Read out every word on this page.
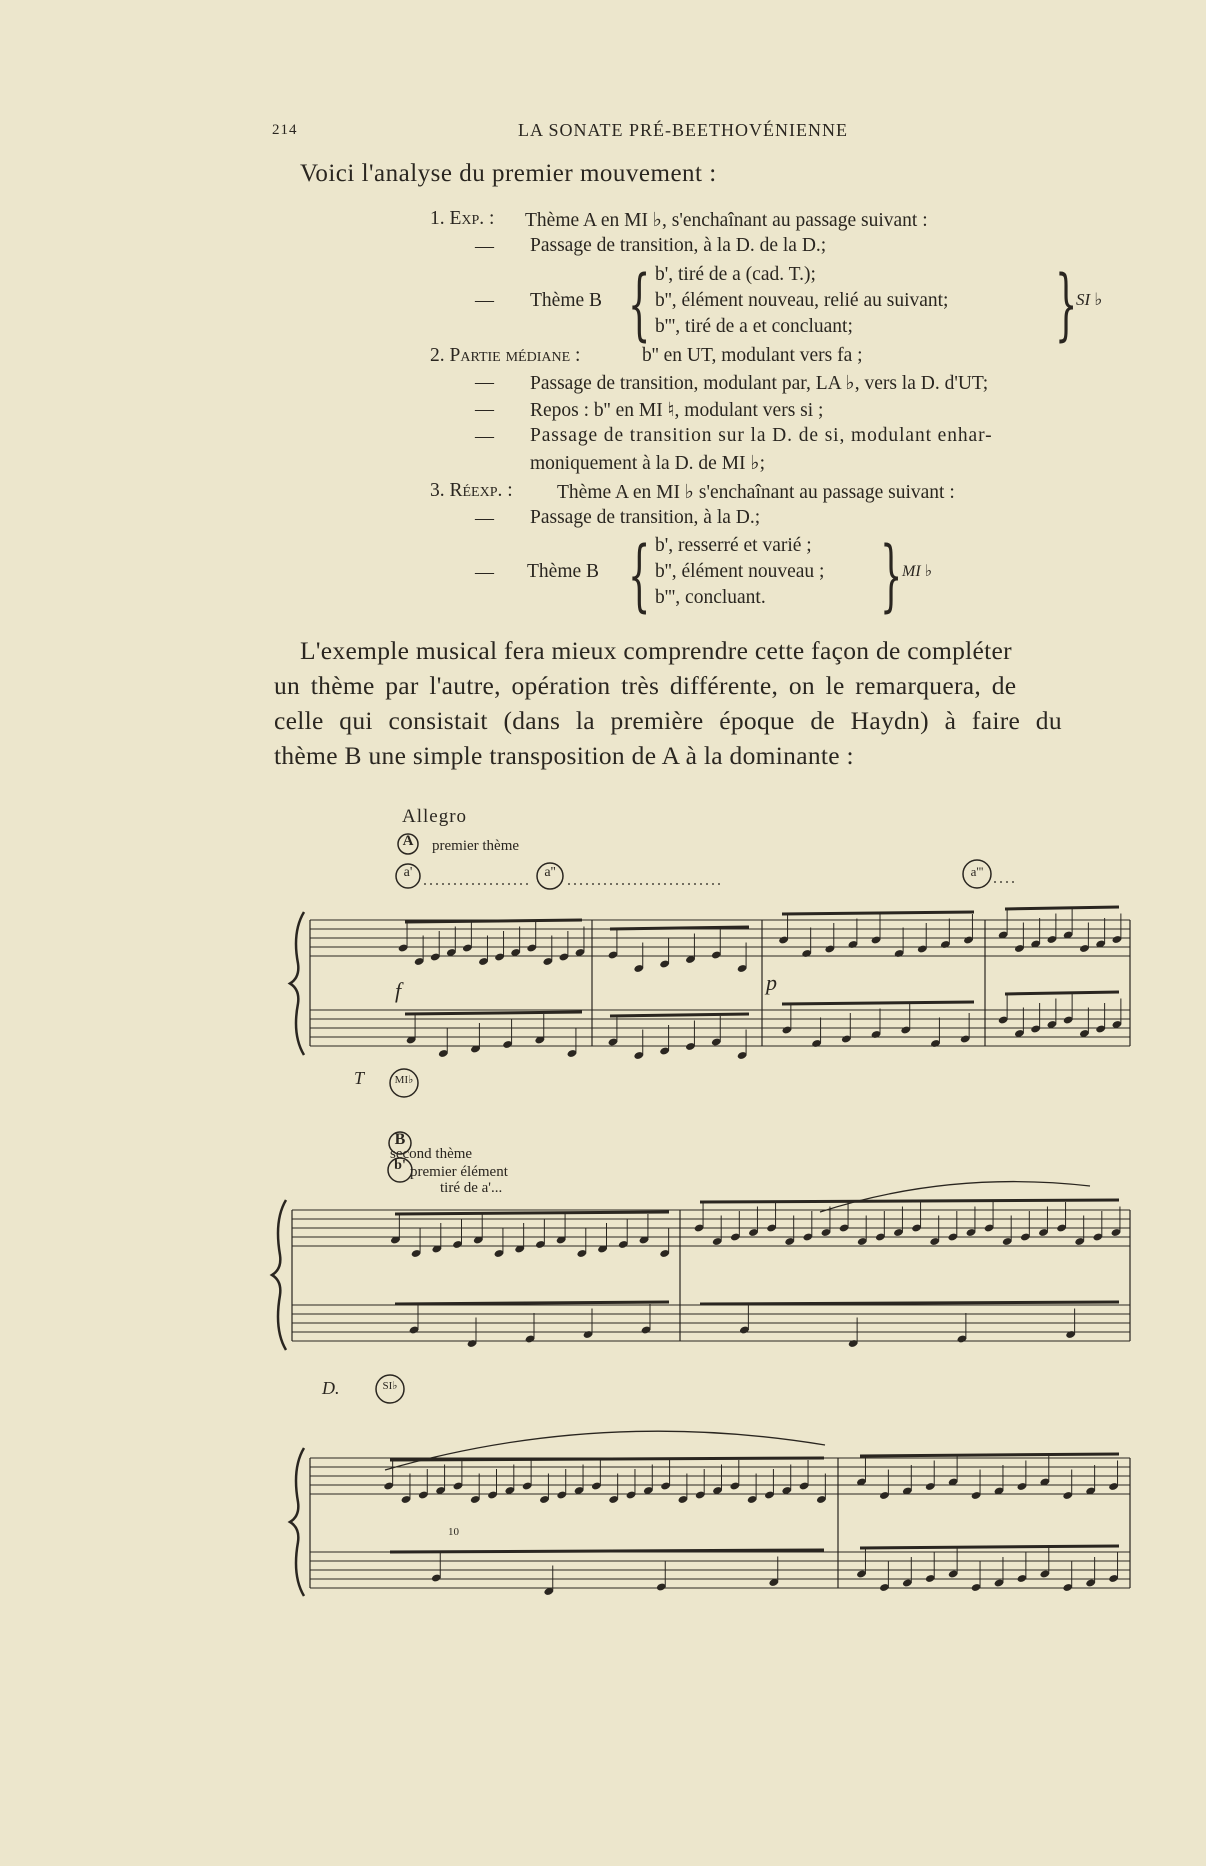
214	LA SONATE PRÉ-BEETHOVÉNIENNE
Voici l'analyse du premier mouvement :
1. Exp. : Thème A en MI ♭, s'enchaînant au passage suivant :
— Passage de transition, à la D. de la D.;
— Thème B { b', tiré de a (cad. T.);
b'', élément nouveau, relié au suivant;
b''', tiré de a et concluant;	}
SI ♭
2. Partie médiane :	b'' en UT, modulant vers fa ;
— Passage de transition, modulant par, LA ♭, vers la D. d'UT;
— Repos : b'' en MI ♮, modulant vers si ;
— Passage de transition sur la D. de si, modulant enhar-
moniquement à la D. de MI ♭;
3. Réexp. : Thème A en MI ♭ s'enchaînant au passage suivant :
— Passage de transition, à la D.;
— Thème B { b', resserré et varié ;
b'', élément nouveau ;
b''', concluant. } MI ♭
L'exemple musical fera mieux comprendre cette façon de compléter
un thème par l'autre, opération très différente, on le remarquera, de
celle qui consistait (dans la première époque de Haydn) à faire du
thème B une simple transposition de A à la dominante :
Allegro
premier thème
second thème
premier élément
tiré de a'...
f	p
T
D.
10
A
a'	a''	a'''
MI♭
B
b'
SI♭
